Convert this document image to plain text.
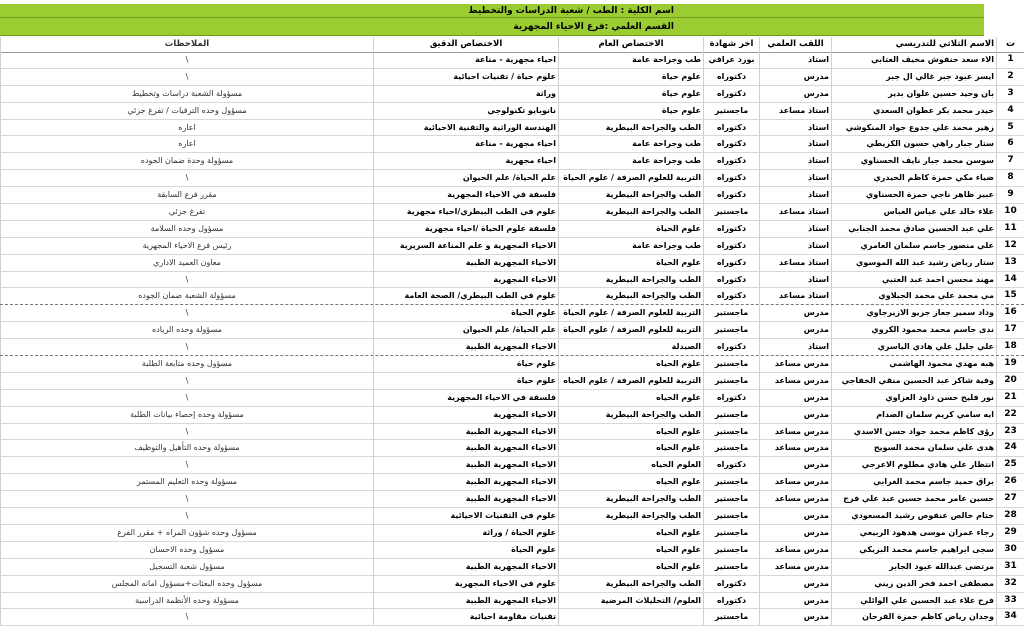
اسم الكلية : الطب / شعبة الدراسات والتخطيط
القسم العلمي :فرع الاحياء المجهرية
ت
الاسم الثلاثي للتدريسي
اللقب العلمي
اخر شهادة
الاختصاص العام
الاختصاص الدقيق
الملاحظات
1
الاء سعد حنفوش مخيف العتابي
استاذ
بورد عراقي
طب وجراحة عامة
احياء مجهرية - مناعة
\
2
ايسر عبود جبر غالي ال جبر
مدرس
دكتوراه
علوم حياة
علوم حياة / تقنيات احيائية
\
3
بان وحيد حسين علوان بدير
مدرس
دكتوراه
علوم حياة
وراثة
مسؤولة الشعبة دراسات وتخطيط
4
حيدر محمد بكر عطوان السعدي
استاذ مساعد
ماجستير
علوم حياة
نانوبايو تكنولوجي
مسؤول وحده الترقيات / تفرغ جزئي
5
زهير محمد علي جدوع جواد المنكوشي
استاذ
دكتوراه
الطب والجراحة البيطرية
الهندسة الوراثية والتقنية الاحيائية
اعاره
6
ستار جبار راهي حسون الكريطي
استاذ
دكتوراه
طب وجراحة عامة
احياء مجهرية - مناعة
اعاره
7
سوسن محمد جبار نايف الحسناوي
استاذ
دكتوراه
طب وجراحة عامة
احياء مجهرية
مسؤولة وحدة ضمان الجوده
8
ضياء مكي حمزة كاظم الحيدري
استاذ
دكتوراه
التربية للعلوم الصرفة / علوم الحياة
علم الحياة/ علم الحيوان
\
9
عبير ظاهر ناجي حمزة الحسناوي
استاذ
دكتوراه
الطب والجراحة البيطرية
فلسفة في الاحياء المجهرية
مقرر فرع السابقة
10
علاء خالد علي عباس العباس
استاذ مساعد
ماجستير
الطب والجراحة البيطرية
علوم في الطب البيطري/احياء مجهرية
تفرغ جزئي
11
علي عبد الحسين صادق محمد الجنابي
استاذ
دكتوراه
علوم الحياة
فلسفة علوم الحياة /احياء مجهرية
مسؤول وحده السلامة
12
علي منصور جاسم سلمان العامري
استاذ
دكتوراه
طب وجراحة عامة
الاحياء المجهرية و علم المناعة السريرية
رئيس فرع الاحياء المجهرية
13
ستار رياض رشيد عبد الله الموسوي
استاذ مساعد
دكتوراه
علوم الحياة
الاحياء المجهرية الطبية
معاون العميد الاداري
14
مهند محسن احمد عبد العتبي
استاذ
دكتوراه
الطب والجراحة البيطرية
الاحياء المجهرية
\
15
مي محمد علي محمد الجبلاوي
استاذ مساعد
دكتوراه
الطب والجراحة البيطرية
علوم في الطب البيطري/ الصحة العامة
مسؤولة الشعبة ضمان الجوده
16
وداد سمير جعاز جريو الازيرجاوي
مدرس
ماجستير
التربية للعلوم الصرفة / علوم الحياة
علوم الحياة
\
17
ندى جاسم محمد محمود الكروي
مدرس
ماجستير
التربية للعلوم الصرفة / علوم الحياة
علم الحياة/ علم الحيوان
مسؤولة وحده الرياده
18
علي جليل علي هادي الياسري
استاذ
دكتوراه
الصيدلة
الاحياء المجهرية الطبية
\
19
هبه مهدي محمود الهاشمي
مدرس مساعد
ماجستير
علوم الحياه
علوم حياة
مسؤول وحده متابعة الطلبة
20
وفية شاكر عبد الحسين منقي الخفاجي
مدرس مساعد
ماجستير
التربية للعلوم الصرفة / علوم الحياه
علوم حياة
\
21
نور فليح حسن داود العزاوي
مدرس
دكتوراه
علوم الحياه
فلسفة في الاحياء المجهرية
\
22
ايه سامي كريم سلمان الصدام
مدرس
ماجستير
الطب والجراحة البيطرية
الاحياء المجهرية
مسؤولة وحده إحصاء بيانات الطلبة
23
رؤى كاظم محمد جواد حسن الاسدي
مدرس مساعد
ماجستير
علوم الحياه
الاحياء المجهرية الطبية
\
24
هدى علي سلمان محمد السويح
مدرس مساعد
ماجستير
علوم الحياه
الاحياء المجهرية الطبية
مسؤولة وحده التأهيل والتوظيف
25
انتظار علي هادي مطلوم الاعرجي
مدرس
دكتوراه
العلوم الحياه
الاحياء المجهرية الطبية
\
26
براق حميد جاسم محمد الغرابي
مدرس مساعد
ماجستير
علوم الحياه
الاحياء المجهرية الطبية
مسؤولة وحده التعليم المستمر
27
حسين عامر محمد حسين عبد علي فرج
مدرس مساعد
ماجستير
الطب والجراحة البيطرية
الاحياء المجهرية الطبية
\
28
ختام خالص عنفوص رشيد المسعودي
مدرس
ماجستير
الطب والجراحة البيطرية
علوم في التقنيات الاحيائية
\
29
رجاء عمران موسى هدهود الربيعي
مدرس
ماجستير
علوم الحياه
علوم الحياة / وراثة
مسؤول وحده شؤون المراه + مقرر الفرع
30
سجى ابراهيم جاسم محمد البزيكي
مدرس مساعد
ماجستير
علوم الحياه
علوم الحياة
مسؤول وحده الاحسان
31
مرتضى عبدالله عبود الجابر
مدرس مساعد
ماجستير
علوم الحياه
الاحياء المجهرية الطبية
مسؤول شعبة التسجيل
32
مصطفى احمد فخر الدين زيني
مدرس
دكتوراه
الطب والجراحة البيطرية
علوم في الاحياء المجهرية
مسؤول وحده البعثات+مسؤول امانه المجلس
33
فرح علاء عبد الحسين علي الوائلي
مدرس
دكتوراه
العلوم/ التحليلات المرضية
الاحياء المجهرية الطبية
مسؤولة وحده الأنظمة الدراسية
34
وجدان رياض كاظم حمزة الفرحان
مدرس
ماجستير
تقنيات مقاومة احيائية
\
